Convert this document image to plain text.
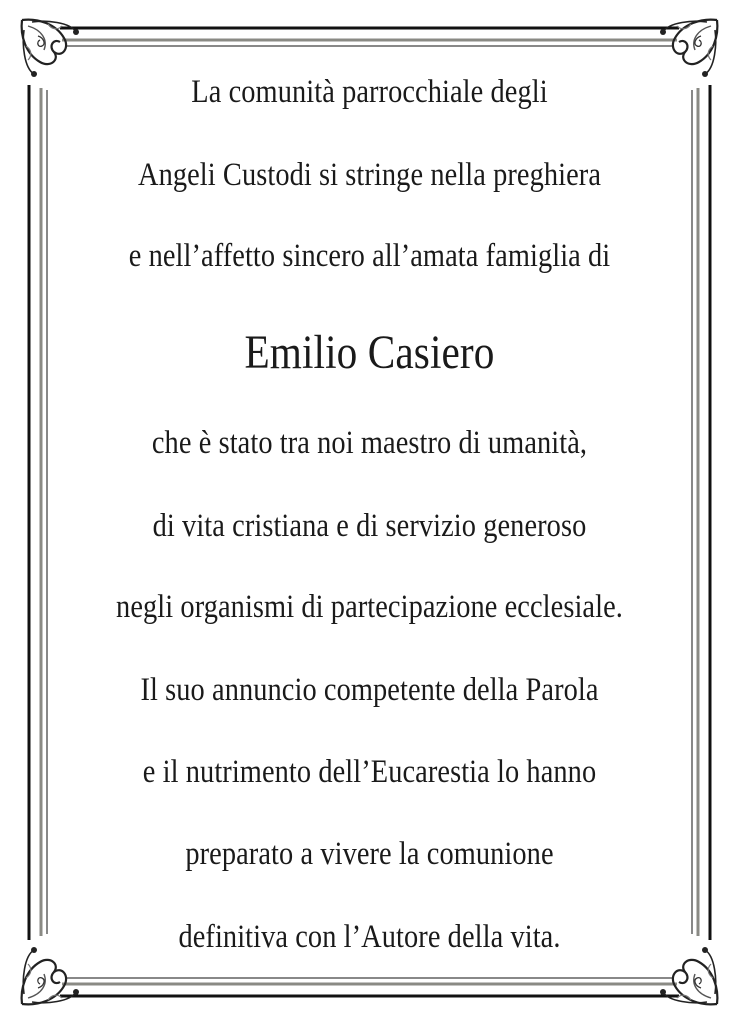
La comunità parrocchiale degli
Angeli Custodi si stringe nella preghiera
e nell’affetto sincero all’amata famiglia di
Emilio Casiero
che è stato tra noi maestro di umanità,
di vita cristiana e di servizio generoso
negli organismi di partecipazione ecclesiale.
Il suo annuncio competente della Parola
e il nutrimento dell’Eucarestia lo hanno
preparato a vivere la comunione
definitiva con l’Autore della vita.
